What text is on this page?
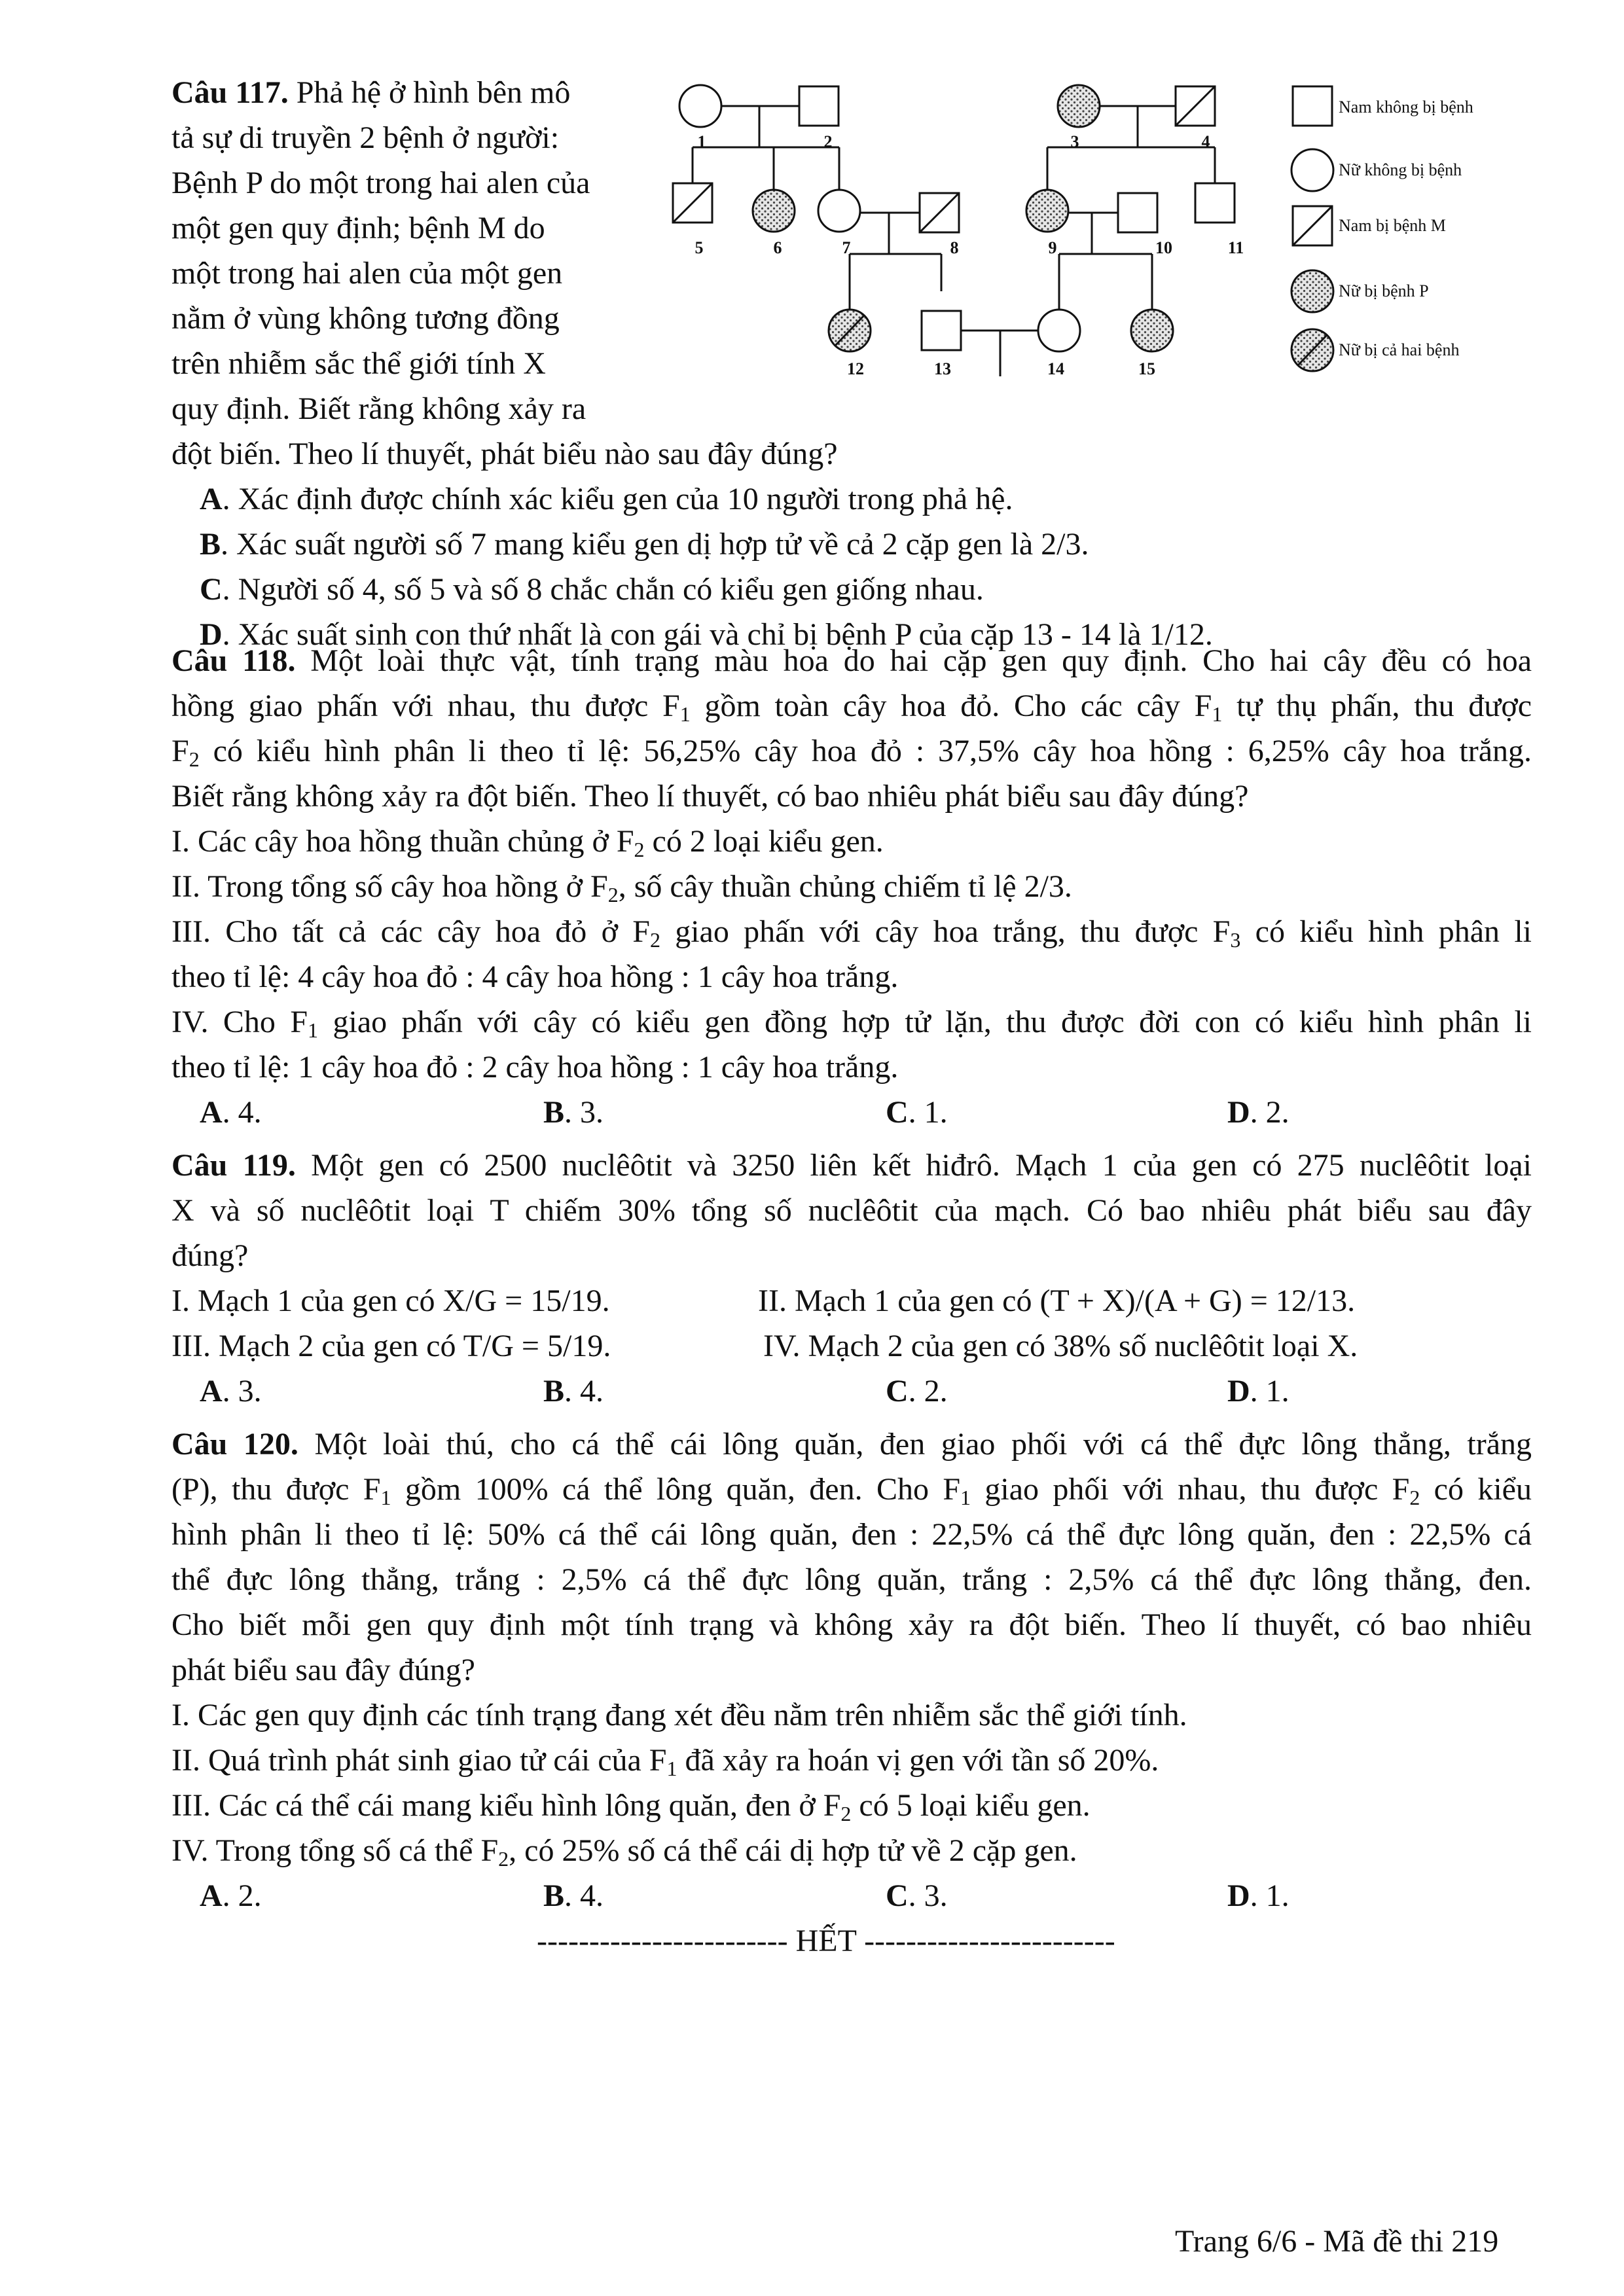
Câu 117. Phả hệ ở hình bên mô
tả sự di truyền 2 bệnh ở người:
Bệnh P do một trong hai alen của
một gen quy định; bệnh M do
một trong hai alen của một gen
nằm ở vùng không tương đồng
trên nhiễm sắc thể giới tính X
quy định. Biết rằng không xảy ra
đột biến. Theo lí thuyết, phát biểu nào sau đây đúng?
A. Xác định được chính xác kiểu gen của 10 người trong phả hệ.
B. Xác suất người số 7 mang kiểu gen dị hợp tử về cả 2 cặp gen là 2/3.
C. Người số 4, số 5 và số 8 chắc chắn có kiểu gen giống nhau.
D. Xác suất sinh con thứ nhất là con gái và chỉ bị bệnh P của cặp 13 - 14 là 1/12.
1	2	3	4
5	6	7	8	9	10	11
12	13	14	15
Nam không bị bệnh
Nữ không bị bệnh
Nam bị bệnh M
Nữ bị bệnh P
Nữ bị cả hai bệnh
Câu 118. Một loài thực vật, tính trạng màu hoa do hai cặp gen quy định. Cho hai cây đều có hoa
hồng giao phấn với nhau, thu được $F_1$ gồm toàn cây hoa đỏ. Cho các cây $F_1$ tự thụ phấn, thu được
$F_2$ có kiểu hình phân li theo tỉ lệ: 56,25% cây hoa đỏ : 37,5% cây hoa hồng : 6,25% cây hoa trắng.
Biết rằng không xảy ra đột biến. Theo lí thuyết, có bao nhiêu phát biểu sau đây đúng?
I. Các cây hoa hồng thuần chủng ở $F_2$ có 2 loại kiểu gen.
II. Trong tổng số cây hoa hồng ở $F_2$, số cây thuần chủng chiếm tỉ lệ 2/3.
III. Cho tất cả các cây hoa đỏ ở $F_2$ giao phấn với cây hoa trắng, thu được $F_3$ có kiểu hình phân li
theo tỉ lệ: 4 cây hoa đỏ : 4 cây hoa hồng : 1 cây hoa trắng.
IV. Cho $F_1$ giao phấn với cây có kiểu gen đồng hợp tử lặn, thu được đời con có kiểu hình phân li
theo tỉ lệ: 1 cây hoa đỏ : 2 cây hoa hồng : 1 cây hoa trắng.
A. 4.	B. 3.	C. 1.	D. 2.
Câu 119. Một gen có 2500 nuclêôtit và 3250 liên kết hiđrô. Mạch 1 của gen có 275 nuclêôtit loại
X và số nuclêôtit loại T chiếm 30% tổng số nuclêôtit của mạch. Có bao nhiêu phát biểu sau đây
đúng?
I. Mạch 1 của gen có X/G = 15/19.	II. Mạch 1 của gen có (T + X)/(A + G) = 12/13.
III. Mạch 2 của gen có T/G = 5/19.	IV. Mạch 2 của gen có 38% số nuclêôtit loại X.
A. 3.	B. 4.	C. 2.	D. 1.
Câu 120. Một loài thú, cho cá thể cái lông quăn, đen giao phối với cá thể đực lông thẳng, trắng
(P), thu được $F_1$ gồm 100% cá thể lông quăn, đen. Cho $F_1$ giao phối với nhau, thu được $F_2$ có kiểu
hình phân li theo tỉ lệ: 50% cá thể cái lông quăn, đen : 22,5% cá thể đực lông quăn, đen : 22,5% cá
thể đực lông thẳng, trắng : 2,5% cá thể đực lông quăn, trắng : 2,5% cá thể đực lông thẳng, đen.
Cho biết mỗi gen quy định một tính trạng và không xảy ra đột biến. Theo lí thuyết, có bao nhiêu
phát biểu sau đây đúng?
I. Các gen quy định các tính trạng đang xét đều nằm trên nhiễm sắc thể giới tính.
II. Quá trình phát sinh giao tử cái của $F_1$ đã xảy ra hoán vị gen với tần số 20%.
III. Các cá thể cái mang kiểu hình lông quăn, đen ở $F_2$ có 5 loại kiểu gen.
IV. Trong tổng số cá thể $F_2$, có 25% số cá thể cái dị hợp tử về 2 cặp gen.
A. 2.	B. 4.	C. 3.	D. 1.
------------------------ HẾT ------------------------
Trang 6/6 - Mã đề thi 219
